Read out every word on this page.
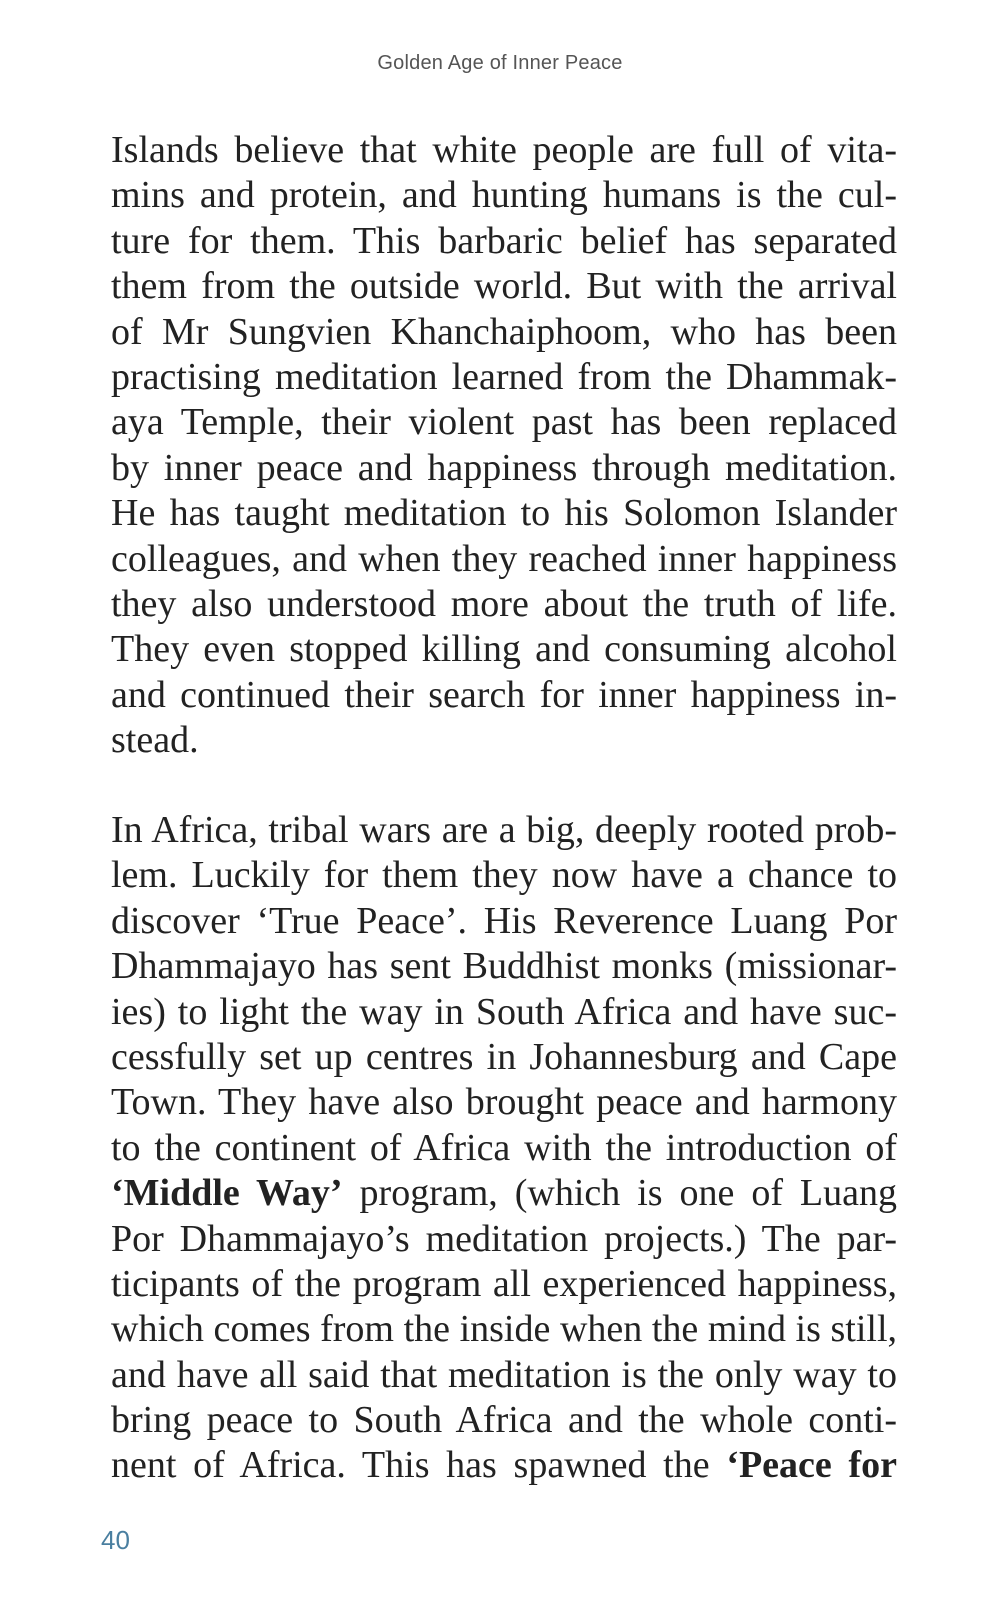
Golden Age of Inner Peace
Islands believe that white people are full of vita-
mins and protein, and hunting humans is the cul-
ture for them. This barbaric belief has separated
them from the outside world. But with the arrival
of Mr Sungvien Khanchaiphoom, who has been
practising meditation learned from the Dhammak-
aya Temple, their violent past has been replaced
by inner peace and happiness through meditation.
He has taught meditation to his Solomon Islander
colleagues, and when they reached inner happiness
they also understood more about the truth of life.
They even stopped killing and consuming alcohol
and continued their search for inner happiness in-
stead.
In Africa, tribal wars are a big, deeply rooted prob-
lem. Luckily for them they now have a chance to
discover ‘True Peace’. His Reverence Luang Por
Dhammajayo has sent Buddhist monks (missionar-
ies) to light the way in South Africa and have suc-
cessfully set up centres in Johannesburg and Cape
Town. They have also brought peace and harmony
to the continent of Africa with the introduction of
‘Middle Way’ program, (which is one of Luang
Por Dhammajayo’s meditation projects.) The par-
ticipants of the program all experienced happiness,
which comes from the inside when the mind is still,
and have all said that meditation is the only way to
bring peace to South Africa and the whole conti-
nent of Africa. This has spawned the ‘Peace for
40
